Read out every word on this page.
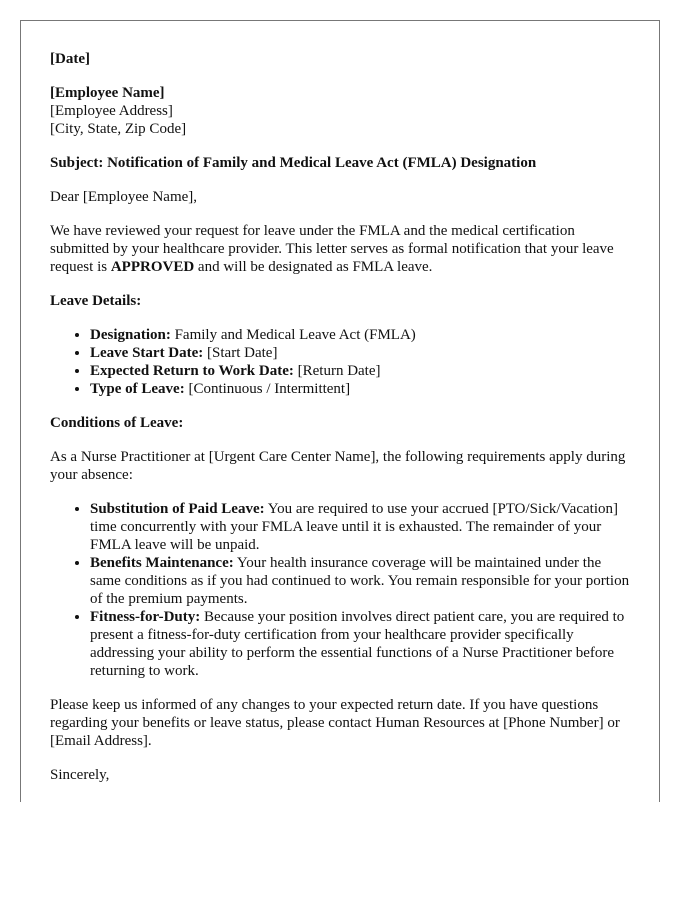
[Date]

[Employee Name]
[Employee Address]
[City, State, Zip Code]

Subject: Notification of Family and Medical Leave Act (FMLA) Designation

Dear [Employee Name],

We have reviewed your request for leave under the FMLA and the medical certification submitted by your healthcare provider. This letter serves as formal notification that your leave request is APPROVED and will be designated as FMLA leave.

Leave Details:

• Designation: Family and Medical Leave Act (FMLA)
• Leave Start Date: [Start Date]
• Expected Return to Work Date: [Return Date]
• Type of Leave: [Continuous / Intermittent]

Conditions of Leave:

As a Nurse Practitioner at [Urgent Care Center Name], the following requirements apply during your absence:

• Substitution of Paid Leave: You are required to use your accrued [PTO/Sick/Vacation] time concurrently with your FMLA leave until it is exhausted. The remainder of your FMLA leave will be unpaid.
• Benefits Maintenance: Your health insurance coverage will be maintained under the same conditions as if you had continued to work. You remain responsible for your portion of the premium payments.
• Fitness-for-Duty: Because your position involves direct patient care, you are required to present a fitness-for-duty certification from your healthcare provider specifically addressing your ability to perform the essential functions of a Nurse Practitioner before returning to work.

Please keep us informed of any changes to your expected return date. If you have questions regarding your benefits or leave status, please contact Human Resources at [Phone Number] or [Email Address].

Sincerely,
